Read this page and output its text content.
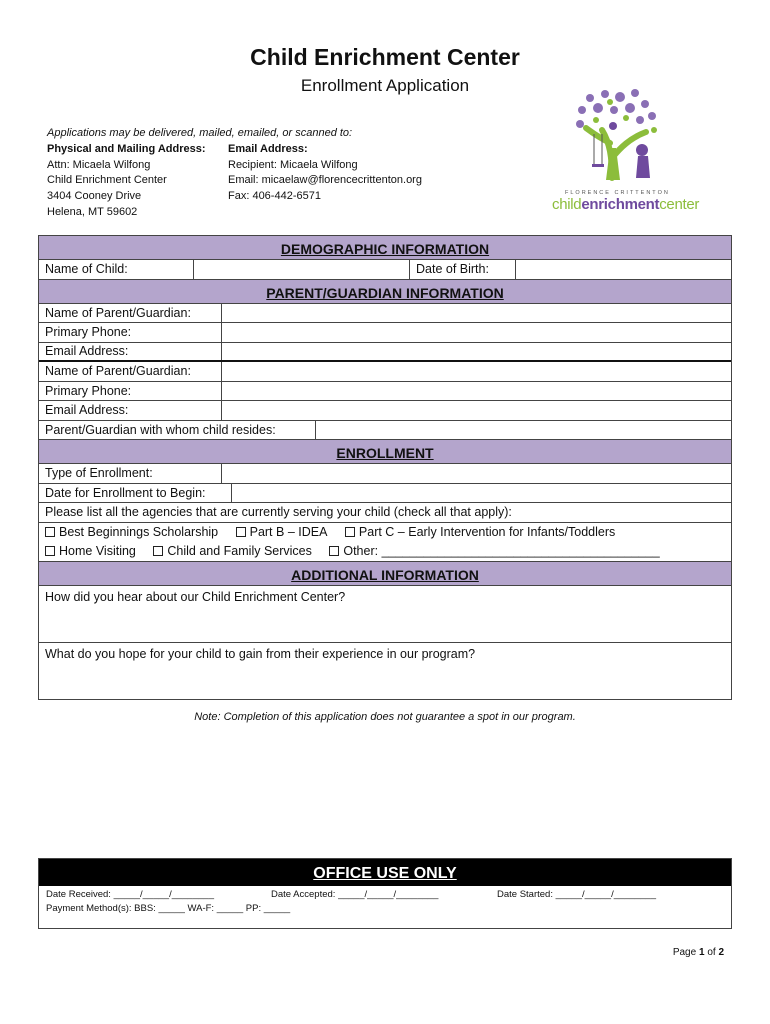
Child Enrichment Center
Enrollment Application
Applications may be delivered, mailed, emailed, or scanned to:
Physical and Mailing Address:
Attn: Micaela Wilfong
Child Enrichment Center
3404 Cooney Drive
Helena, MT 59602
Email Address:
Recipient: Micaela Wilfong
Email: micaelaw@florencecrittenton.org
Fax: 406-442-6571	FLORENCE CRITTENTON
childenrichmentcenter
DEMOGRAPHIC INFORMATION
Name of Child:	Date of Birth:
PARENT/GUARDIAN INFORMATION
Name of Parent/Guardian:
Primary Phone:
Email Address:
Name of Parent/Guardian:
Primary Phone:
Email Address:
Parent/Guardian with whom child resides:
ENROLLMENT
Type of Enrollment:
Date for Enrollment to Begin:
Please list all the agencies that are currently serving your child (check all that apply):
Best Beginnings Scholarship	Part B – IDEA	Part C – Early Intervention for Infants/Toddlers
Home Visiting	Child and Family Services	Other: ________________________________________
ADDITIONAL INFORMATION
How did you hear about our Child Enrichment Center?
What do you hope for your child to gain from their experience in our program?
Note: Completion of this application does not guarantee a spot in our program.
OFFICE USE ONLY
Date Received: _____/_____/________	Date Accepted: _____/_____/________	Date Started: _____/_____/________
Payment Method(s): BBS: _____ WA-F: _____ PP: _____
Page 1 of 2
